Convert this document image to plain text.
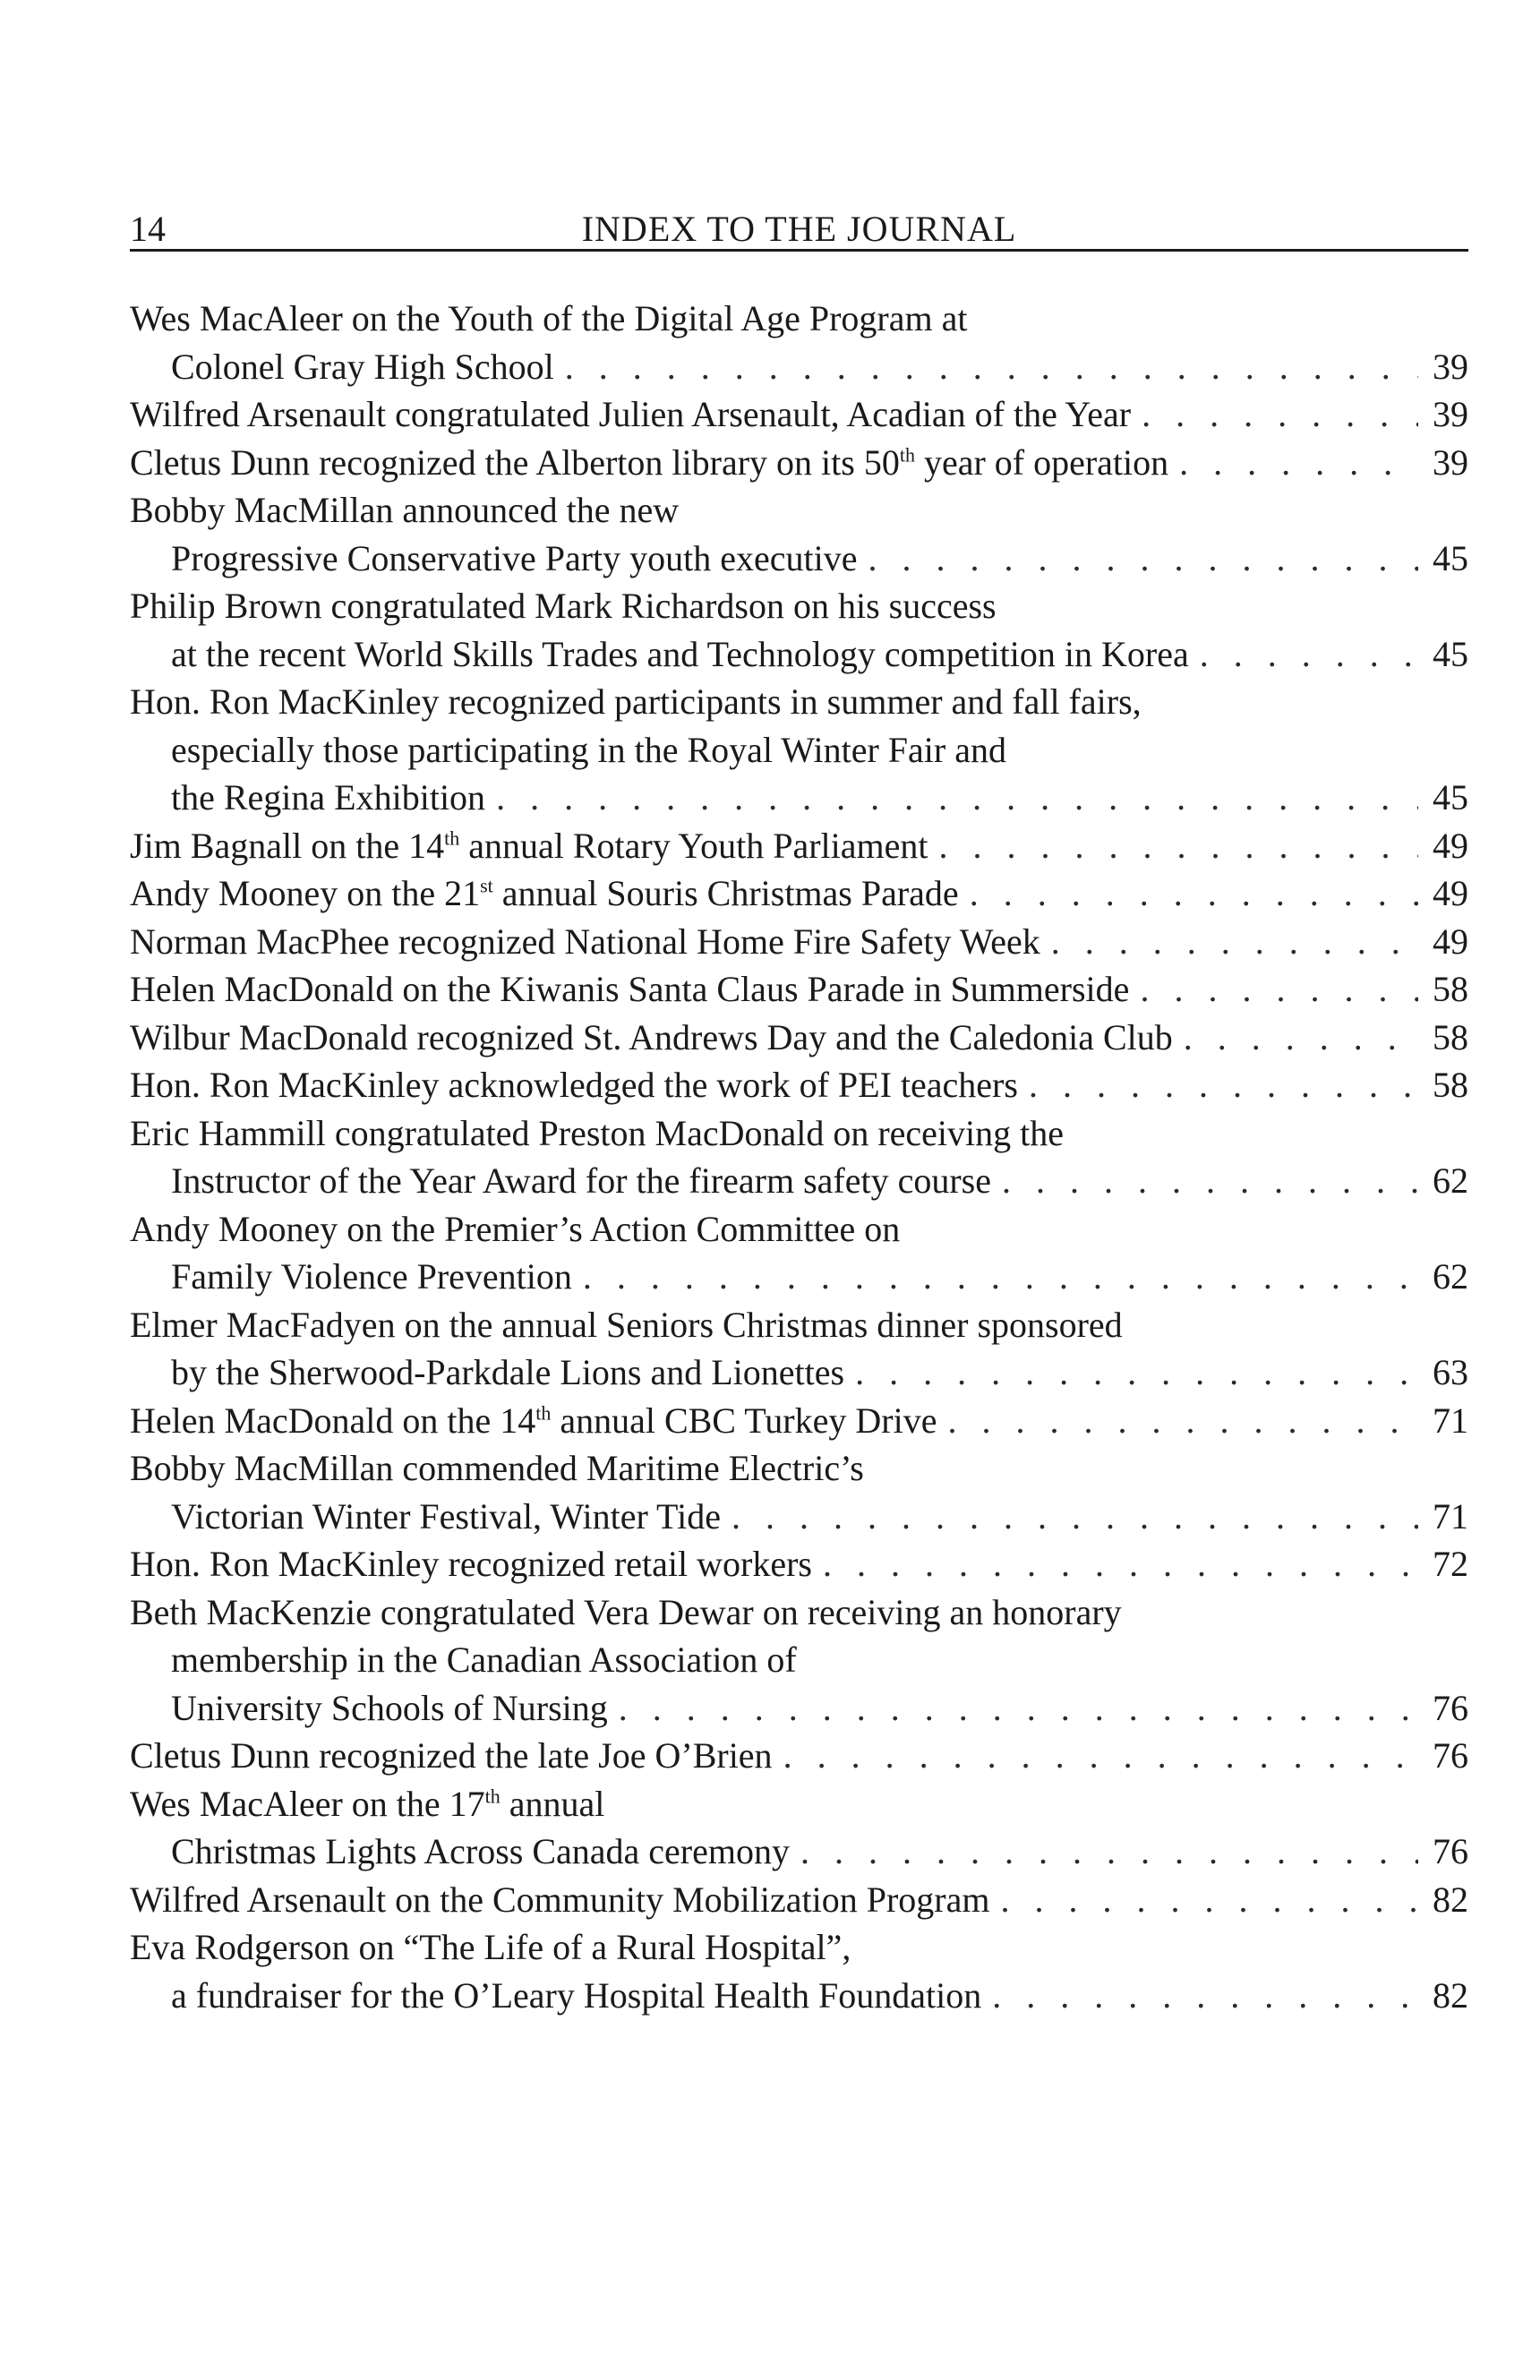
14	INDEX TO THE JOURNAL
Wes MacAleer on the Youth of the Digital Age Program at
Colonel Gray High School . . .	39
Wilfred Arsenault congratulated Julien Arsenault, Acadian of the Year . . .	39
Cletus Dunn recognized the Alberton library on its 50th year of operation . . .	39
Bobby MacMillan announced the new
Progressive Conservative Party youth executive . . .	45
Philip Brown congratulated Mark Richardson on his success
at the recent World Skills Trades and Technology competition in Korea . . .	45
Hon. Ron MacKinley recognized participants in summer and fall fairs,
especially those participating in the Royal Winter Fair and
the Regina Exhibition . . .	45
Jim Bagnall on the 14th annual Rotary Youth Parliament . . .	49
Andy Mooney on the 21st annual Souris Christmas Parade . . .	49
Norman MacPhee recognized National Home Fire Safety Week . . .	49
Helen MacDonald on the Kiwanis Santa Claus Parade in Summerside . . .	58
Wilbur MacDonald recognized St. Andrews Day and the Caledonia Club . . .	58
Hon. Ron MacKinley acknowledged the work of PEI teachers . . .	58
Eric Hammill congratulated Preston MacDonald on receiving the
Instructor of the Year Award for the firearm safety course . . .	62
Andy Mooney on the Premier’s Action Committee on
Family Violence Prevention . . .	62
Elmer MacFadyen on the annual Seniors Christmas dinner sponsored
by the Sherwood-Parkdale Lions and Lionettes . . .	63
Helen MacDonald on the 14th annual CBC Turkey Drive . . .	71
Bobby MacMillan commended Maritime Electric’s
Victorian Winter Festival, Winter Tide . . .	71
Hon. Ron MacKinley recognized retail workers . . .	72
Beth MacKenzie congratulated Vera Dewar on receiving an honorary
membership in the Canadian Association of
University Schools of Nursing . . .	76
Cletus Dunn recognized the late Joe O’Brien . . .	76
Wes MacAleer on the 17th annual
Christmas Lights Across Canada ceremony . . .	76
Wilfred Arsenault on the Community Mobilization Program . . .	82
Eva Rodgerson on “The Life of a Rural Hospital”,
a fundraiser for the O’Leary Hospital Health Foundation . . .	82
